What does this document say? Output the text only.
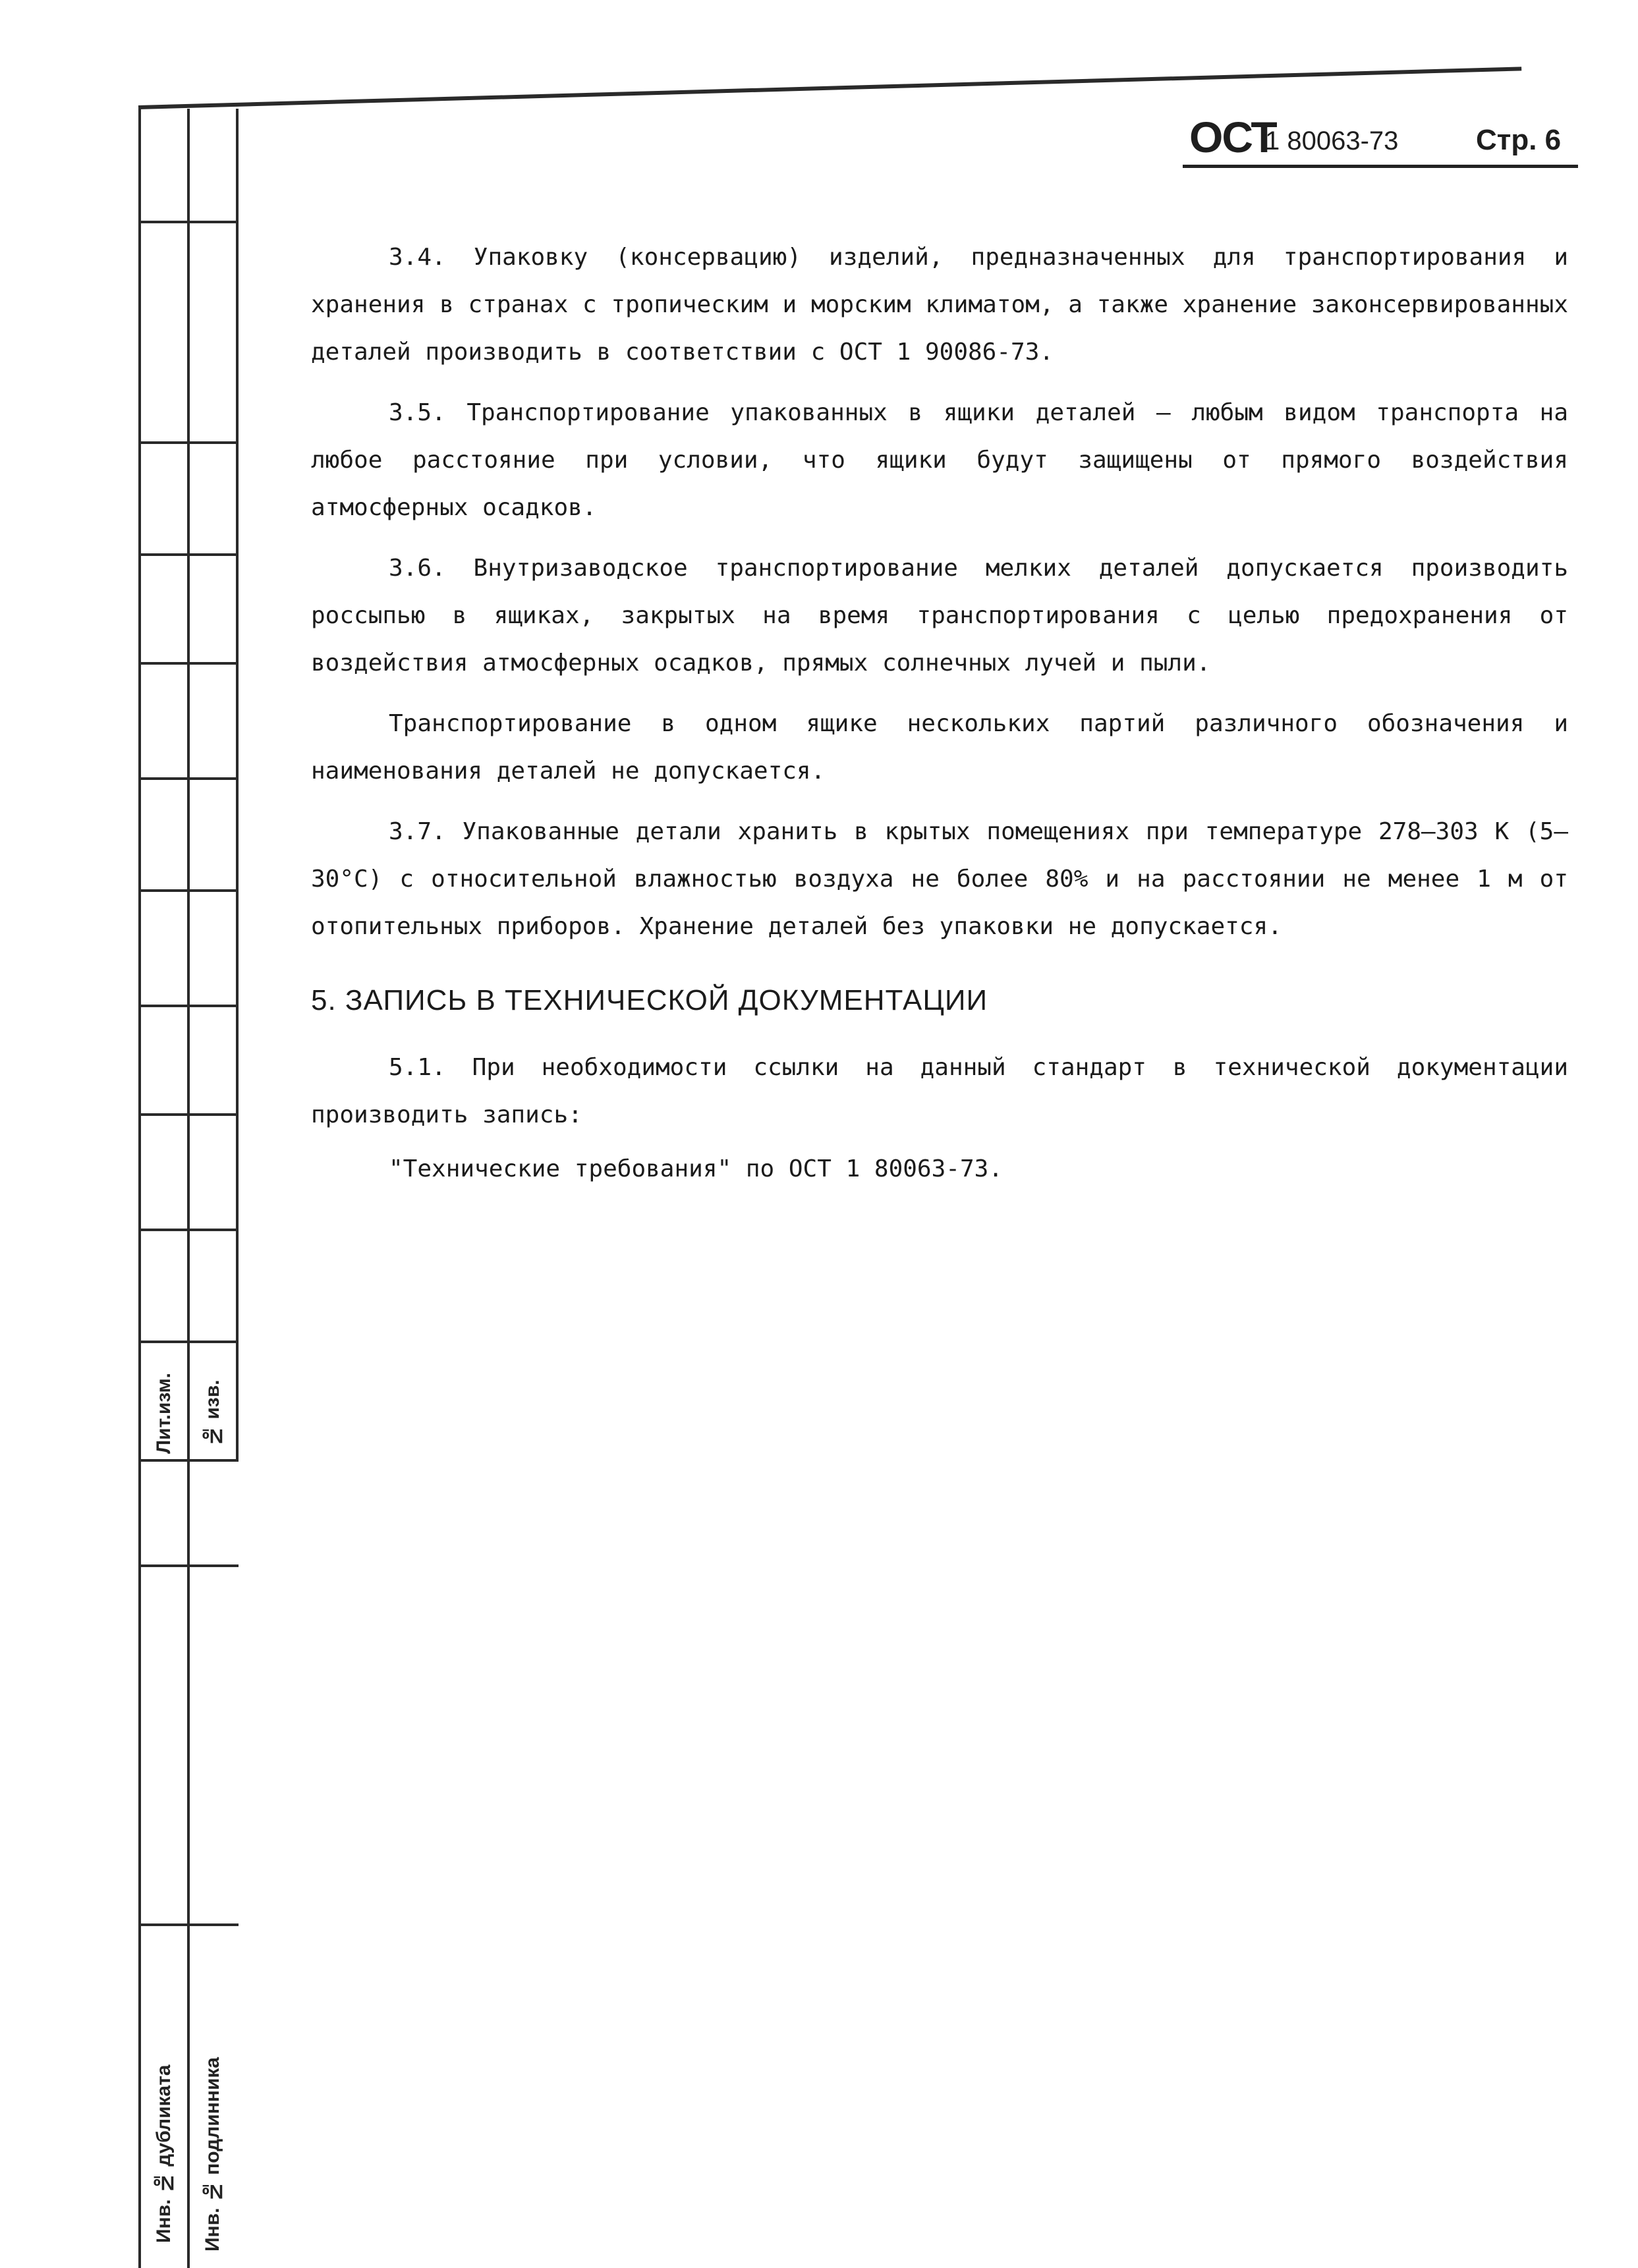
Лит.изм.	№ изв.
Инв. № дубликата	Инв. № подлинника
ОСТ
1 80063-73	Стр. 6

3.4. Упаковку (консервацию) изделий, предназначенных для транспортирования и хранения в странах с тропическим и морским климатом, а также хранение законсервированных деталей производить в соответствии с ОСТ 1 90086-73.

3.5. Транспортирование упакованных в ящики деталей – любым видом транспорта на любое расстояние при условии, что ящики будут защищены от прямого воздействия атмосферных осадков.

3.6. Внутризаводское транспортирование мелких деталей допускается производить россыпью в ящиках, закрытых на время транспортирования с целью предохранения от воздействия атмосферных осадков, прямых солнечных лучей и пыли.

Транспортирование в одном ящике нескольких партий различного обозначения и наименования деталей не допускается.

3.7. Упакованные детали хранить в крытых помещениях при температуре 278–303 К (5–30°С) с относительной влажностью воздуха не более 80% и на расстоянии не менее 1 м от отопительных приборов. Хранение деталей без упаковки не допускается.

5. ЗАПИСЬ В ТЕХНИЧЕСКОЙ ДОКУМЕНТАЦИИ

5.1. При необходимости ссылки на данный стандарт в технической документации производить запись:

"Технические требования" по ОСТ 1 80063-73.
